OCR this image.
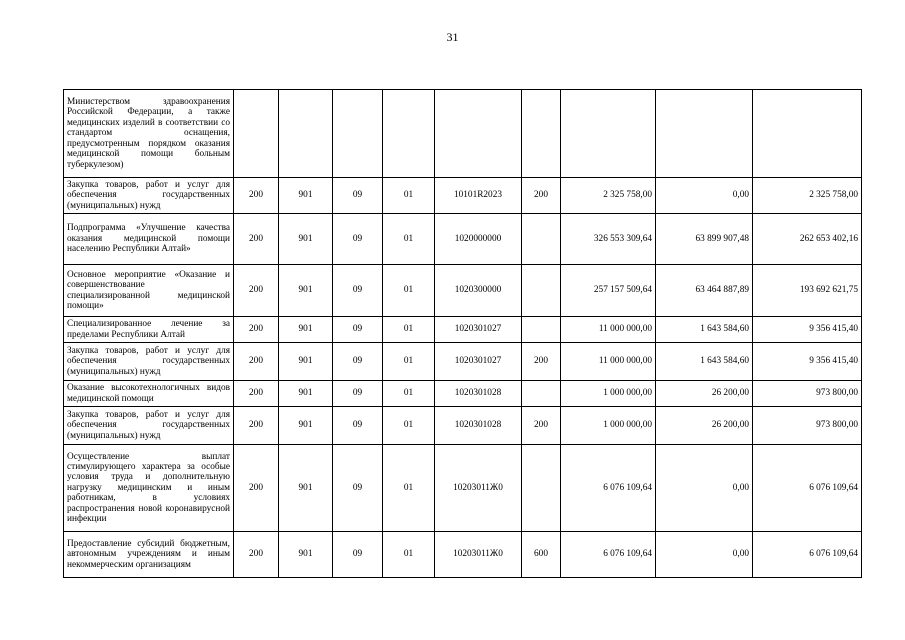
31
Министерством здравоохранения Российской Федерации, а также медицинских изделий в соответствии со стандартом оснащения, предусмотренным порядком оказания медицинской помощи больным туберкулезом)									
Закупка товаров, работ и услуг для обеспечения государственных (муниципальных) нужд	200	901	09	01	10101R2023	200	2 325 758,00	0,00	2 325 758,00
Подпрограмма «Улучшение качества оказания медицинской помощи населению Республики Алтай»	200	901	09	01	1020000000		326 553 309,64	63 899 907,48	262 653 402,16
Основное мероприятие «Оказание и совершенствование специализированной медицинской помощи»	200	901	09	01	1020300000		257 157 509,64	63 464 887,89	193 692 621,75
Специализированное лечение за пределами Республики Алтай	200	901	09	01	1020301027		11 000 000,00	1 643 584,60	9 356 415,40
Закупка товаров, работ и услуг для обеспечения государственных (муниципальных) нужд	200	901	09	01	1020301027	200	11 000 000,00	1 643 584,60	9 356 415,40
Оказание высокотехнологичных видов медицинской помощи	200	901	09	01	1020301028		1 000 000,00	26 200,00	973 800,00
Закупка товаров, работ и услуг для обеспечения государственных (муниципальных) нужд	200	901	09	01	1020301028	200	1 000 000,00	26 200,00	973 800,00
Осуществление выплат стимулирующего характера за особые условия труда и дополнительную нагрузку медицинским и иным работникам, в условиях распространения новой коронавирусной инфекции	200	901	09	01	10203011Ж0		6 076 109,64	0,00	6 076 109,64
Предоставление субсидий бюджетным, автономным учреждениям и иным некоммерческим организациям	200	901	09	01	10203011Ж0	600	6 076 109,64	0,00	6 076 109,64
